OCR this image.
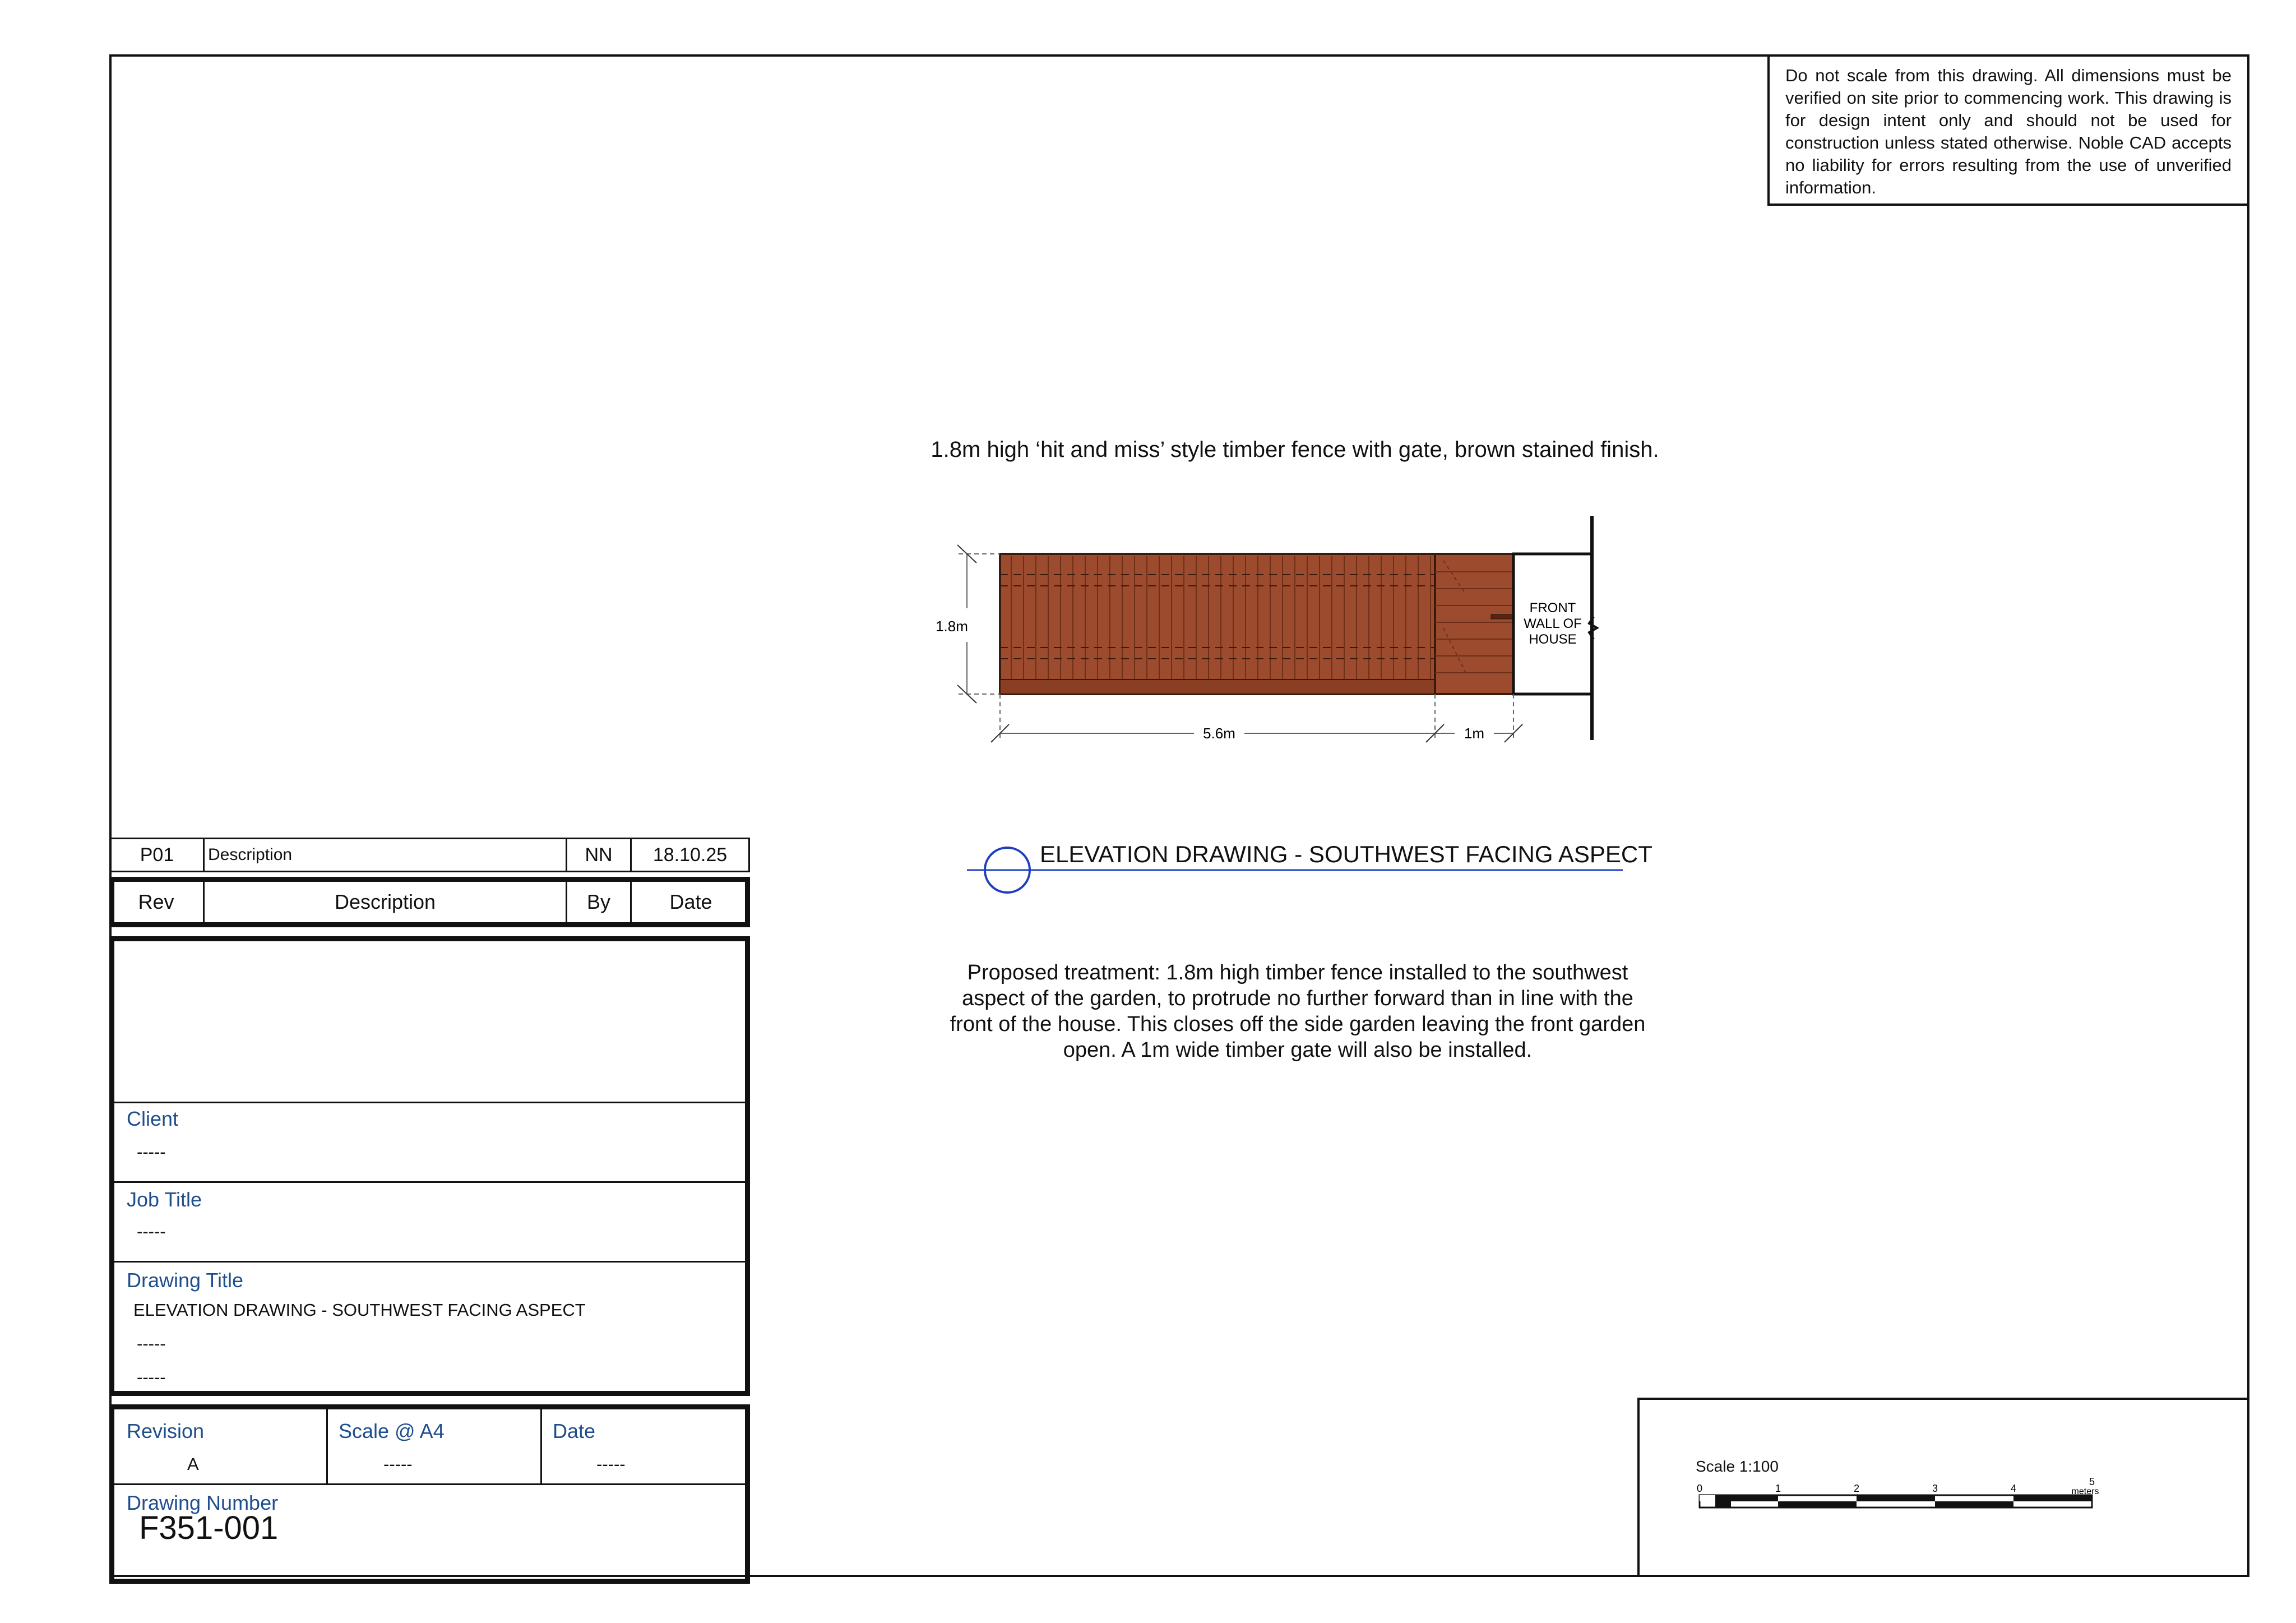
Do not scale from this drawing. All dimensions must be verified on site prior to commencing work. This drawing is for design intent only and should not be used for construction unless stated otherwise. Noble CAD accepts no liability for errors resulting from the use of unverified information.
1.8m high ‘hit and miss’ style timber fence with gate, brown stained finish.
FRONT
WALL OF
HOUSE
1.8m
5.6m	1m
ELEVATION DRAWING - SOUTHWEST FACING ASPECT
Proposed treatment: 1.8m high timber fence installed to the southwest aspect of the garden, to protrude no further forward than in line with the front of the house. This closes off the side garden leaving the front garden open. A 1m wide timber gate will also be installed.
P01	Description	NN	18.10.25
Rev	Description	By	Date
Client
-----
Job Title
-----
Drawing Title
ELEVATION DRAWING - SOUTHWEST FACING ASPECT
-----
-----
Revision
A
Scale @ A4
-----
Date
-----
Drawing Number
F351-001
Scale 1:100
0	1	2	3	4
5
meters
